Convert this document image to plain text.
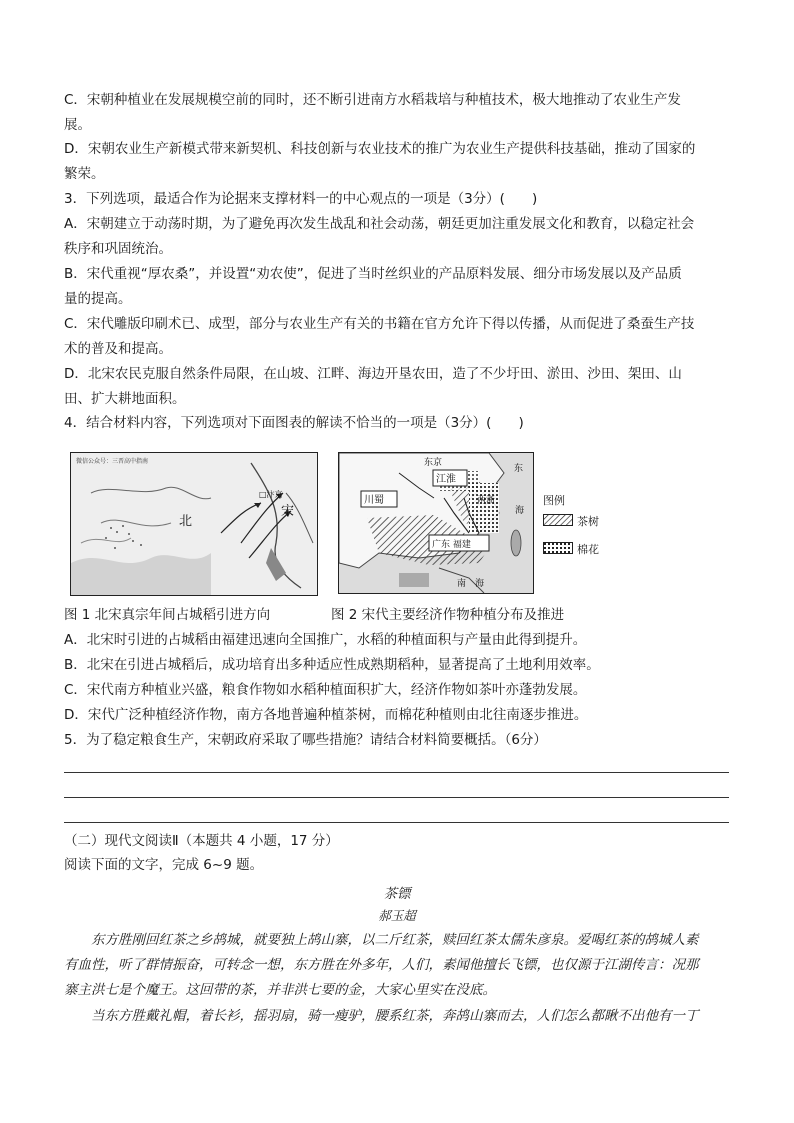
C．宋朝种植业在发展规模空前的同时，还不断引进南方水稻栽培与种植技术，极大地推动了农业生产发
展。
D．宋朝农业生产新模式带来新契机、科技创新与农业技术的推广为农业生产提供科技基础，推动了国家的
繁荣。
3．下列选项，最适合作为论据来支撑材料一的中心观点的一项是（3分）(　　)
A．宋朝建立于动荡时期，为了避免再次发生战乱和社会动荡，朝廷更加注重发展文化和教育，以稳定社会
秩序和巩固统治。
B．宋代重视“厚农桑”，并设置“劝农使”，促进了当时丝织业的产品原料发展、细分市场发展以及产品质
量的提高。
C．宋代雕版印刷术已、成型，部分与农业生产有关的书籍在官方允许下得以传播，从而促进了桑蚕生产技
术的普及和提高。
D．北宋农民克服自然条件局限，在山坡、江畔、海边开垦农田，造了不少圩田、淤田、沙田、架田、山
田、扩大耕地面积。
4．结合材料内容，下列选项对下面图表的解读不恰当的一项是（3分）(　　)
微信公众号：三晋高中指南
北
宋
□汴京
江淮
东京
东
川蜀	两浙
广东 福建
海
南　海
图例
茶树
棉花
图 1 北宋真宗年间占城稻引进方向	图 2 宋代主要经济作物种植分布及推进
A．北宋时引进的占城稻由福建迅速向全国推广，水稻的种植面积与产量由此得到提升。
B．北宋在引进占城稻后，成功培育出多种适应性成熟期稻种，显著提高了土地利用效率。
C．宋代南方种植业兴盛，粮食作物如水稻种植面积扩大，经济作物如茶叶亦蓬勃发展。
D．宋代广泛种植经济作物，南方各地普遍种植茶树，而棉花种植则由北往南逐步推进。
5．为了稳定粮食生产，宋朝政府采取了哪些措施？请结合材料简要概括。（6分）
（二）现代文阅读Ⅱ（本题共 4 小题，17 分）
阅读下面的文字，完成 6~9 题。
茶镖
郝玉超
东方胜刚回红茶之乡鸪城，就要独上鸪山寨，以二斤红茶，赎回红茶太儒朱彦泉。爱喝红茶的鸪城人素
有血性，听了群情振奋，可转念一想，东方胜在外多年，人们，素闻他擅长飞镖，也仅源于江湖传言：况那
寨主洪七是个魔王。这回带的茶，并非洪七要的金，大家心里实在没底。
当东方胜戴礼帽，着长衫，摇羽扇，骑一瘦驴，腰系红茶，奔鸪山寨而去，人们怎么都瞅不出他有一丁
